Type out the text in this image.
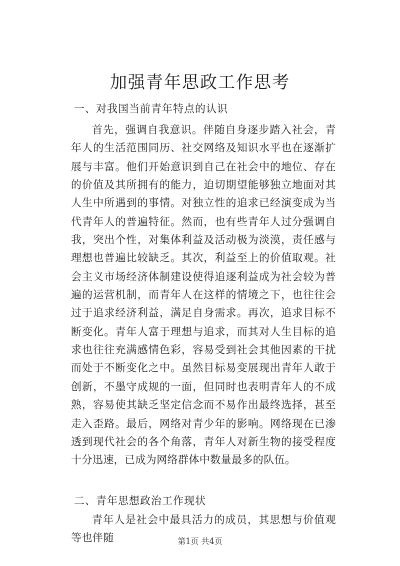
加强青年思政工作思考
一、对我国当前青年特点的认识
首先，强调自我意识。伴随自身逐步踏入社会，青年人的生活范围同历、社交网络及知识水平也在逐渐扩展与丰富。他们开始意识到自己在社会中的地位、存在的价值及其所拥有的能力，迫切期望能够独立地面对其人生中所遇到的事情。对独立性的追求已经演变成为当代青年人的普遍特征。然而，也有些青年人过分强调自我，突出个性，对集体利益及活动极为淡漠，责任感与理想也普遍比较缺乏。其次，利益至上的价值取观。社会主义市场经济体制建设使得追逐利益成为社会较为普遍的运营机制，而青年人在这样的情境之下，也往往会过于追求经济利益，满足自身需求。再次，追求目标不断变化。青年人富于理想与追求，而其对人生目标的追求也往往充满感情色彩，容易受到社会其他因素的干扰而处于不断变化之中。虽然目标易变展现出青年人敢于创新，不墨守成规的一面，但同时也表明青年人的不成熟，容易使其缺乏坚定信念而不易作出最终选择，甚至走入歪路。最后，网络对青少年的影响。网络现在已渗透到现代社会的各个角落，青年人对新生物的接受程度十分迅速，已成为网络群体中数量最多的队伍。
二、青年思想政治工作现状
青年人是社会中最具活力的成员，其思想与价值观等也伴随	第1页 共4页
